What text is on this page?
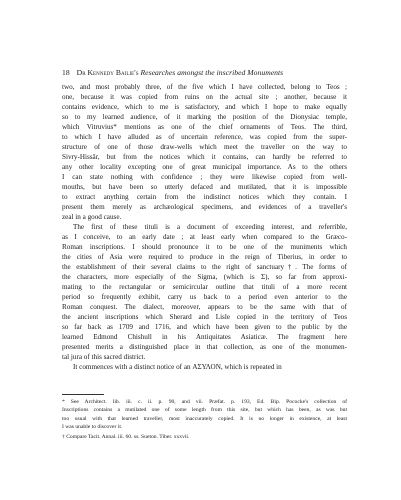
18 Dr Kennedy Bailie's Researches amongst the inscribed Monuments
two, and most probably three, of the five which I have collected, belong to Teos ;
one, because it was copied from ruins on the actual site ; another, because it
contains evidence, which to me is satisfactory, and which I hope to make equally
so to my learned audience, of it marking the position of the Dionysiac temple,
which Vitruvius* mentions as one of the chief ornaments of Teos. The third,
to which I have alluded as of uncertain reference, was copied from the super-
structure of one of those draw-wells which meet the traveller on the way to
Sivry-Hissâr, but from the notices which it contains, can hardly be referred to
any other locality excepting one of great municipal importance. As to the others
I can state nothing with confidence ; they were likewise copied from well-
mouths, but have been so utterly defaced and mutilated, that it is impossible
to extract anything certain from the indistinct notices which they contain. I
present them merely as archæological specimens, and evidences of a traveller's
zeal in a good cause.
The first of these tituli is a document of exceeding interest, and referrible,
as I conceive, to an early date ; at least early when compared to the Græco-
Roman inscriptions. I should pronounce it to be one of the muniments which
the cities of Asia were required to produce in the reign of Tiberius, in order to
the establishment of their several claims to the right of sanctuary†. The forms of
the characters, more especially of the Sigma, (which is Σ), so far from approxi-
mating to the rectangular or semicircular outline that tituli of a more recent
period so frequently exhibit, carry us back to a period even anterior to the
Roman conquest. The dialect, moreover, appears to be the same with that of
the ancient inscriptions which Sherard and Lisle copied in the territory of Teos
so far back as 1709 and 1716, and which have been given to the public by the
learned Edmond Chishull in his Antiquitates Asiaticæ. The fragment here
presented merits a distinguished place in that collection, as one of the monumen-
tal jura of this sacred district.
It commences with a distinct notice of an ΑΣΥΛΟΝ, which is repeated in
* See Architect. lib. iii. c. ii. p. 90, and vii. Præfat. p. 193, Ed. Bip. Pococke's collection of
Inscriptions contains a mutilated one of some length from this site, but which has been, as was but
too usual with that learned traveller, most inaccurately copied. It is no longer in existence, at least
I was unable to discover it.
† Compare Tacit. Annal. iii. 60. ss. Sueton. Tiber. xxxvii.
